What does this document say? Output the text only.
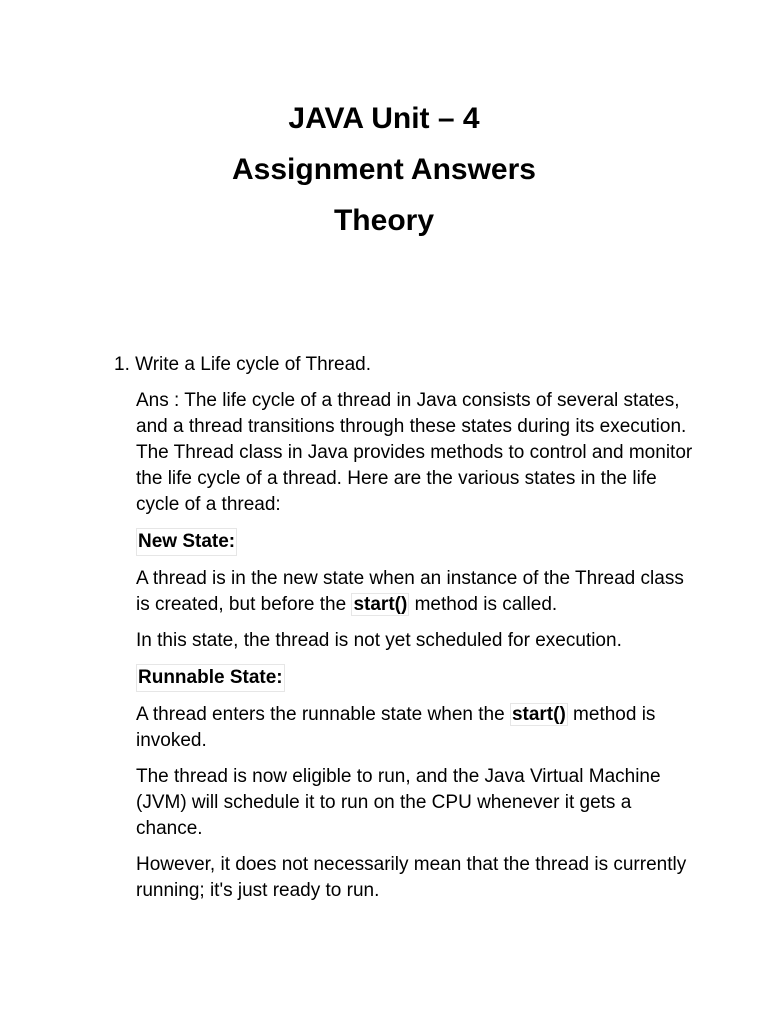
JAVA Unit – 4

Assignment Answers

Theory

1. Write a Life cycle of Thread.

Ans : The life cycle of a thread in Java consists of several states, and a thread transitions through these states during its execution. The Thread class in Java provides methods to control and monitor the life cycle of a thread. Here are the various states in the life cycle of a thread:

New State:

A thread is in the new state when an instance of the Thread class is created, but before the start() method is called.

In this state, the thread is not yet scheduled for execution.

Runnable State:

A thread enters the runnable state when the start() method is invoked.

The thread is now eligible to run, and the Java Virtual Machine (JVM) will schedule it to run on the CPU whenever it gets a chance.

However, it does not necessarily mean that the thread is currently running; it's just ready to run.
